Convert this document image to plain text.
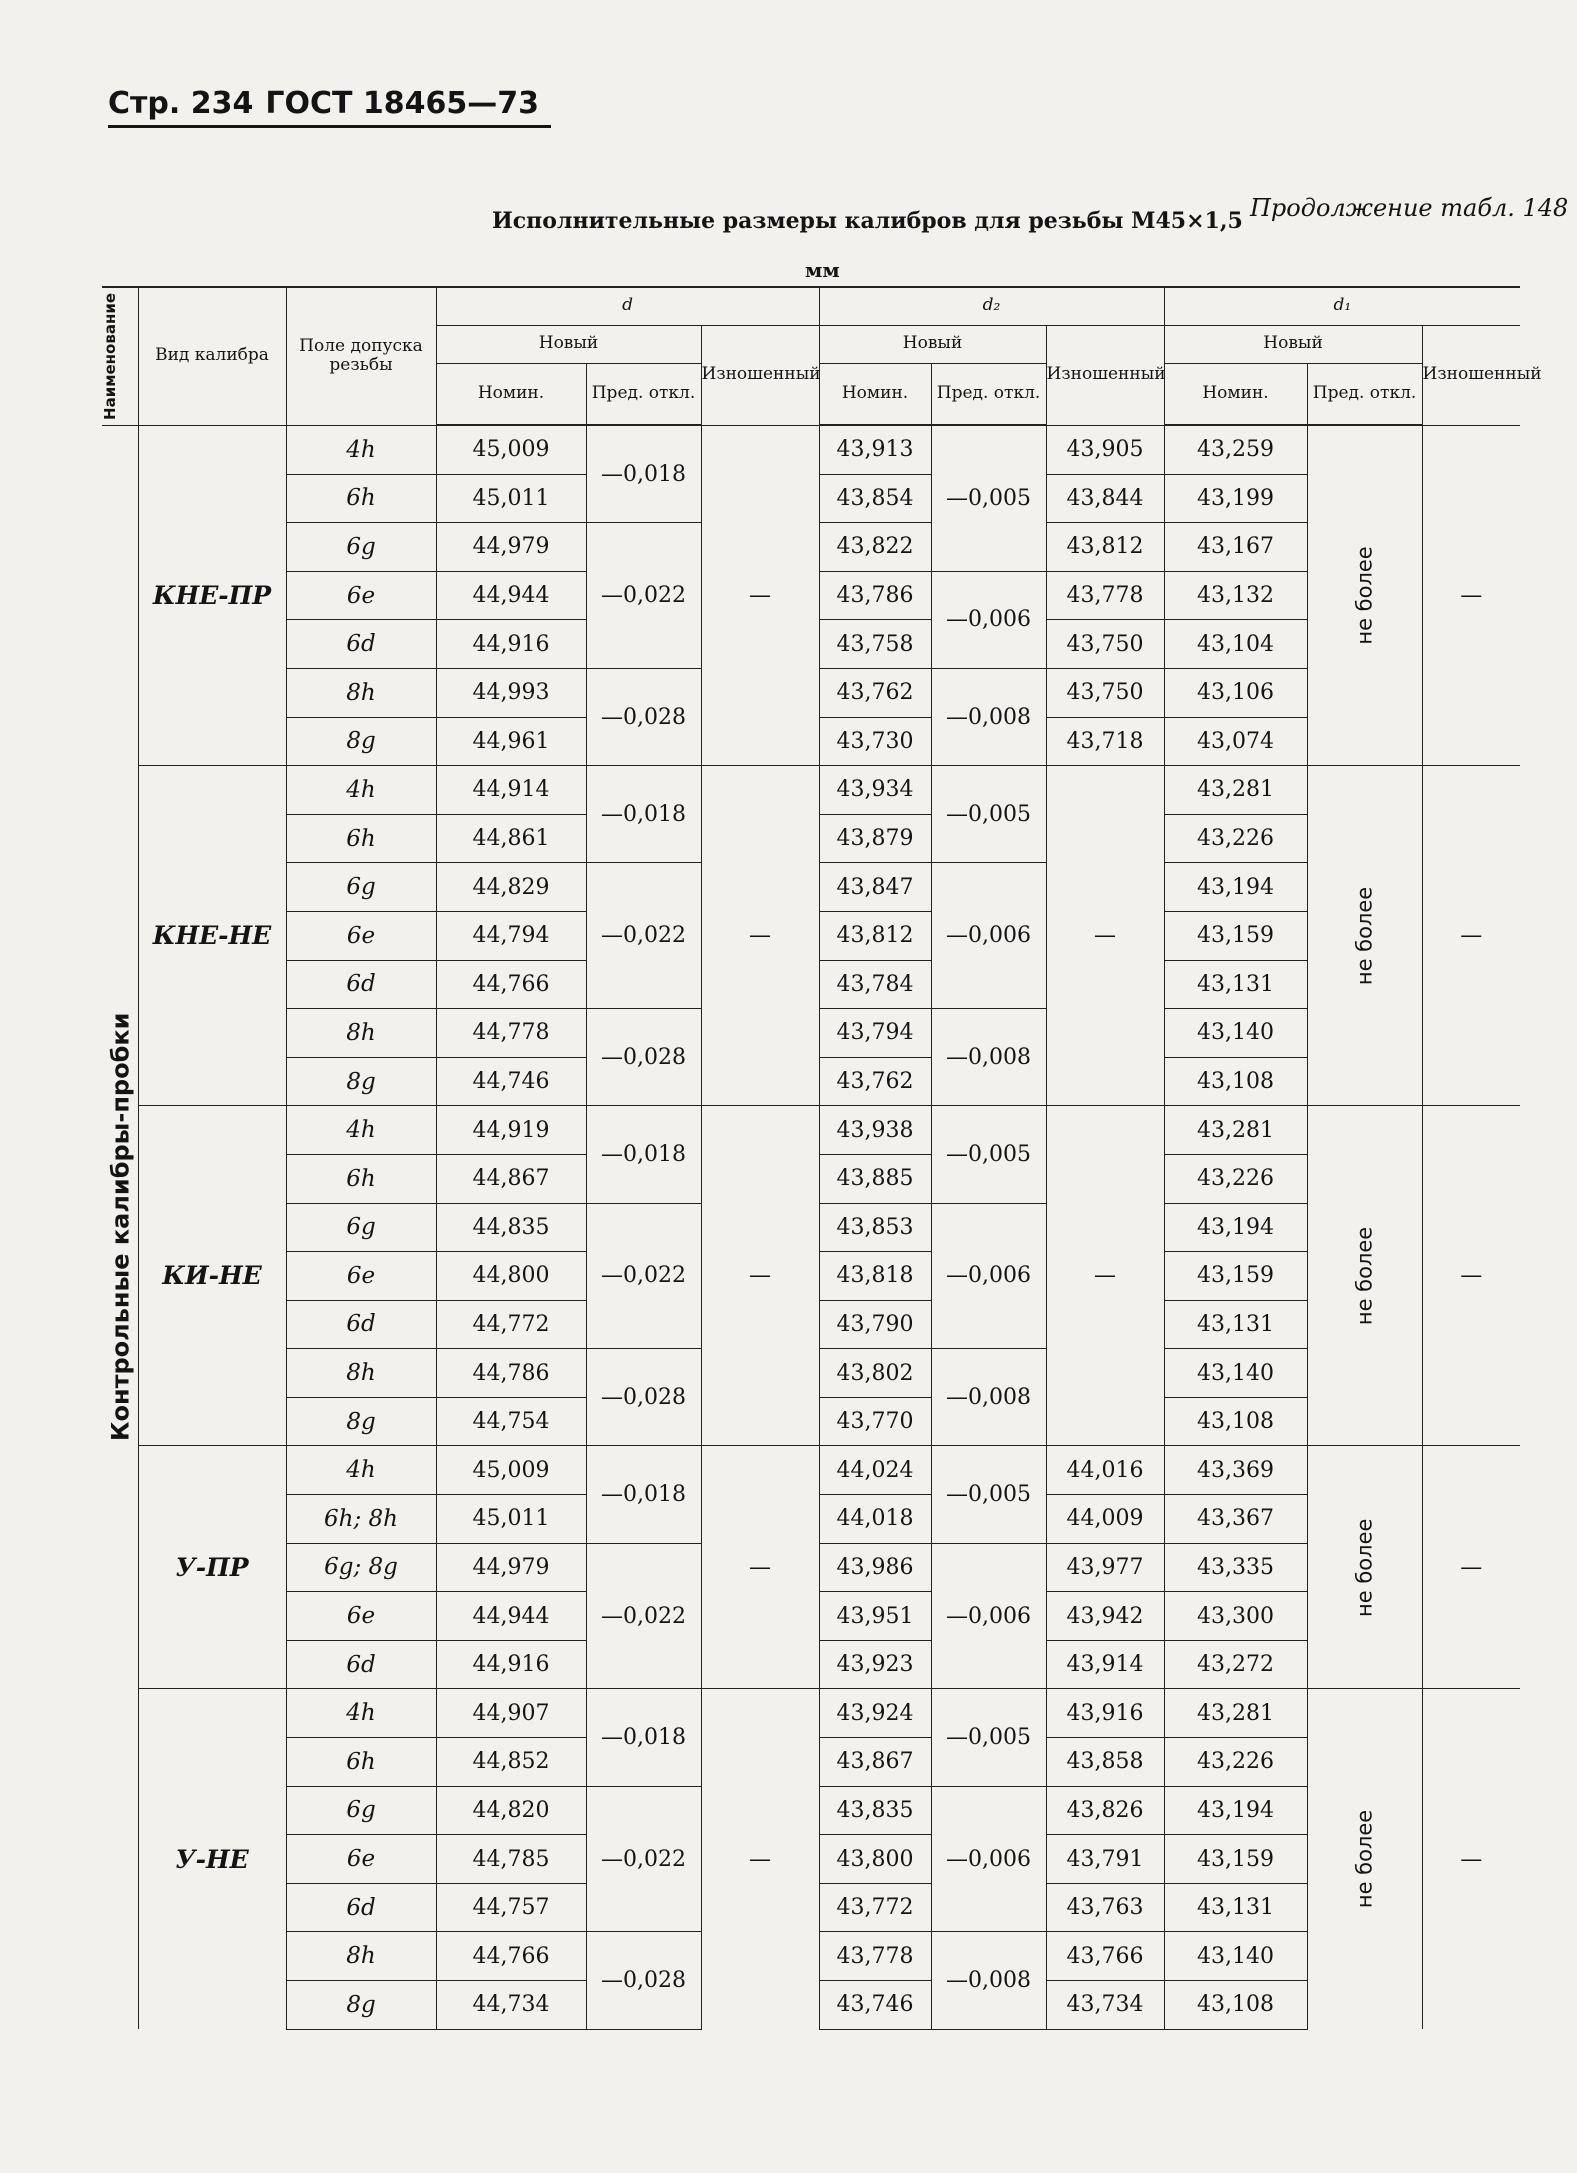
Стр. 234 ГОСТ 18465—73
Продолжение табл. 148
Исполнительные размеры калибров для резьбы М45×1,5
мм
Наименование	Вид калибра	Поле допуска резьбы	d			d₂			d₁		
			Новый		Изношенный	Новый		Изношенный	Новый		Изношенный
			Номин.	Пред. откл.		Номин.	Пред. откл.		Номин.	Пред. откл.	
Контрольные калибры-пробки	КНЕ-ПР	4h	45,009	—0,018	—	43,913	—0,005	43,905	43,259	не более	—
		6h	45,011			43,854		43,844	43,199		
		6g	44,979	—0,022		43,822		43,812	43,167		
		6e	44,944			43,786	—0,006	43,778	43,132		
		6d	44,916			43,758		43,750	43,104		
		8h	44,993	—0,028		43,762	—0,008	43,750	43,106		
		8g	44,961			43,730		43,718	43,074		
	КНЕ-НЕ	4h	44,914	—0,018	—	43,934	—0,005	—	43,281	не более	—
		6h	44,861			43,879			43,226		
		6g	44,829	—0,022		43,847	—0,006		43,194		
		6e	44,794			43,812			43,159		
		6d	44,766			43,784			43,131		
		8h	44,778	—0,028		43,794	—0,008		43,140		
		8g	44,746			43,762			43,108		
	КИ-НЕ	4h	44,919	—0,018	—	43,938	—0,005	—	43,281	не более	—
		6h	44,867			43,885			43,226		
		6g	44,835	—0,022		43,853	—0,006		43,194		
		6e	44,800			43,818			43,159		
		6d	44,772			43,790			43,131		
		8h	44,786	—0,028		43,802	—0,008		43,140		
		8g	44,754			43,770			43,108		
	У-ПР	4h	45,009	—0,018	—	44,024	—0,005	44,016	43,369	не более	—
		6h; 8h	45,011			44,018		44,009	43,367		
		6g; 8g	44,979	—0,022		43,986	—0,006	43,977	43,335		
		6e	44,944			43,951		43,942	43,300		
		6d	44,916			43,923		43,914	43,272		
	У-НЕ	4h	44,907	—0,018	—	43,924	—0,005	43,916	43,281	не более	—
		6h	44,852			43,867		43,858	43,226		
		6g	44,820	—0,022		43,835	—0,006	43,826	43,194		
		6e	44,785			43,800		43,791	43,159		
		6d	44,757			43,772		43,763	43,131		
		8h	44,766	—0,028		43,778	—0,008	43,766	43,140		
		8g	44,734			43,746		43,734	43,108		
